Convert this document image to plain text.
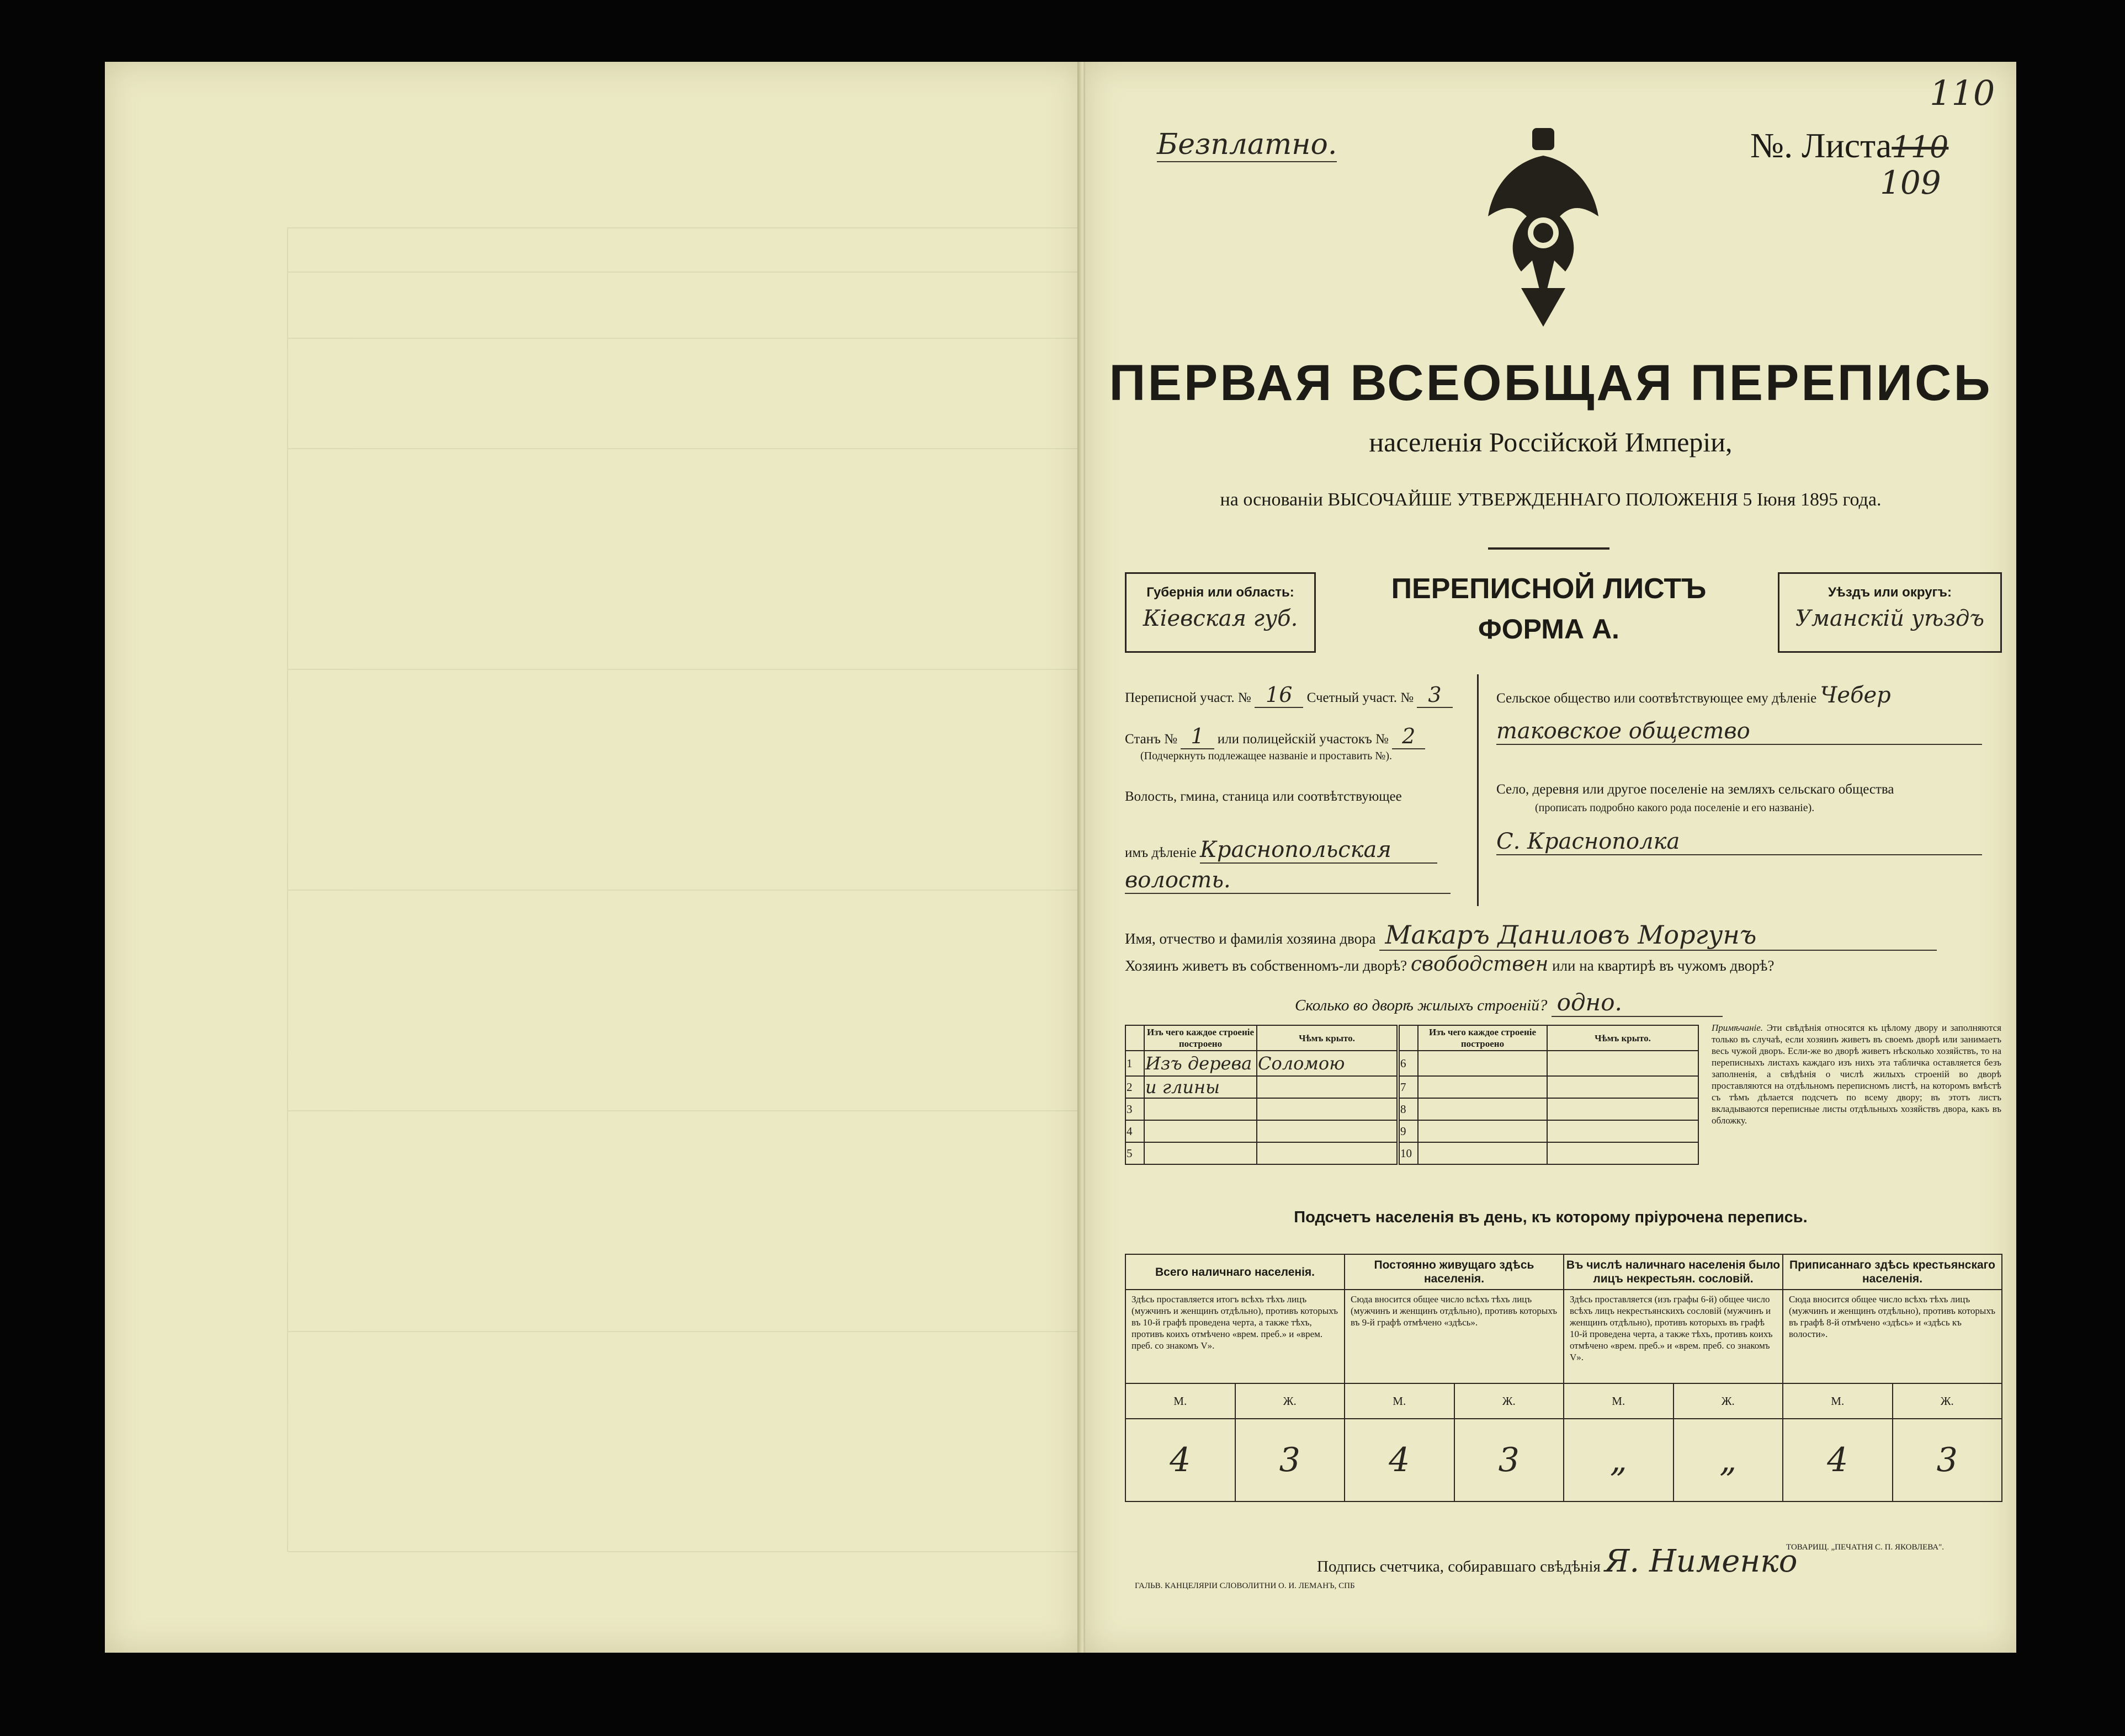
110
Безплатно.	№. Листа110
109
ПЕРВАЯ ВСЕОБЩАЯ ПЕРЕПИСЬ
населенія Россійской Имперіи,
на основаніи ВЫСОЧАЙШЕ УТВЕРЖДЕННАГО ПОЛОЖЕНІЯ 5 Іюня 1895 года.
Губернія или область:
Кіевская губ.
ПЕРЕПИСНОЙ ЛИСТЪ
ФОРМА А.
Уѣздъ или округъ:
Уманскій уѣздъ
Переписной участ. № 16 Счетный участ. № 3
Станъ № 1 или полицейскій участокъ № 2
(Подчеркнуть подлежащее названіе и проставить №).
Волость, гмина, станица или соотвѣтствующее
имъ дѣленіе Краснопольская
волость.
Сельское общество или соотвѣтствующее ему дѣленіе Чебер
таковское общество
Село, деревня или другое поселеніе на земляхъ сельскаго общества
(прописать подробно какого рода поселеніе и его названіе).
С. Краснополка
Имя, отчество и фамилія хозяина двора Макаръ Даниловъ Моргунъ
Хозяинъ живетъ въ собственномъ-ли дворѣ? свободствен или на квартирѣ въ чужомъ дворѣ?
Сколько во дворѣ жилыхъ строеній? одно.
	Изъ чего каждое строеніе построено	Чѣмъ крыто.		Изъ чего каждое строеніе построено	Чѣмъ крыто.
1	Изъ дерева	Соломою	6		
2	и глины		7		
3			8		
4			9		
5			10		
Примѣчаніе. Эти свѣдѣнія относятся къ цѣлому двору и заполняются только въ случаѣ, если хозяинъ живетъ въ своемъ дворѣ или занимаетъ весь чужой дворъ. Если-же во дворѣ живетъ нѣсколько хозяйствъ, то на переписныхъ листахъ каждаго изъ нихъ эта табличка оставляется безъ заполненія, а свѣдѣнія о числѣ жилыхъ строеній во дворѣ проставляются на отдѣльномъ переписномъ листѣ, на которомъ вмѣстѣ съ тѣмъ дѣлается подсчетъ по всему двору; въ этотъ листъ вкладываются переписные листы отдѣльныхъ хозяйствъ двора, какъ въ обложку.
Подсчетъ населенія въ день, къ которому пріурочена перепись.
Всего наличнаго населенія.		Постоянно живущаго здѣсь населенія.		Въ числѣ наличнаго населенія было лицъ некрестьян. сословій.		Приписаннаго здѣсь крестьянскаго населенія.	
Здѣсь проставляется итогъ всѣхъ тѣхъ лицъ (мужчинъ и женщинъ отдѣльно), противъ которыхъ въ 10-й графѣ проведена черта, а также тѣхъ, противъ коихъ отмѣчено «врем. преб.» и «врем. преб. со знакомъ V».		Сюда вносится общее число всѣхъ тѣхъ лицъ (мужчинъ и женщинъ отдѣльно), противъ которыхъ въ 9-й графѣ отмѣчено «здѣсь».		Здѣсь проставляется (изъ графы 6-й) общее число всѣхъ лицъ некрестьянскихъ сословій (мужчинъ и женщинъ отдѣльно), противъ которыхъ въ графѣ 10-й проведена черта, а также тѣхъ, противъ коихъ отмѣчено «врем. преб.» и «врем. преб. со знакомъ V».		Сюда вносится общее число всѣхъ тѣхъ лицъ (мужчинъ и женщинъ отдѣльно), противъ которыхъ въ графѣ 8-й отмѣчено «здѣсь» и «здѣсь къ волости».	
М.	Ж.	М.	Ж.	М.	Ж.	М.	Ж.
4	3	4	3	„	„	4	3
Подпись счетчика, собиравшаго свѣдѣнія Я. Нименко
ГАЛЬВ. КАНЦЕЛЯРІИ СЛОВОЛИТНИ О. И. ЛЕМАНЪ, СПБ
ТОВАРИЩ. „ПЕЧАТНЯ С. П. ЯКОВЛЕВА".
